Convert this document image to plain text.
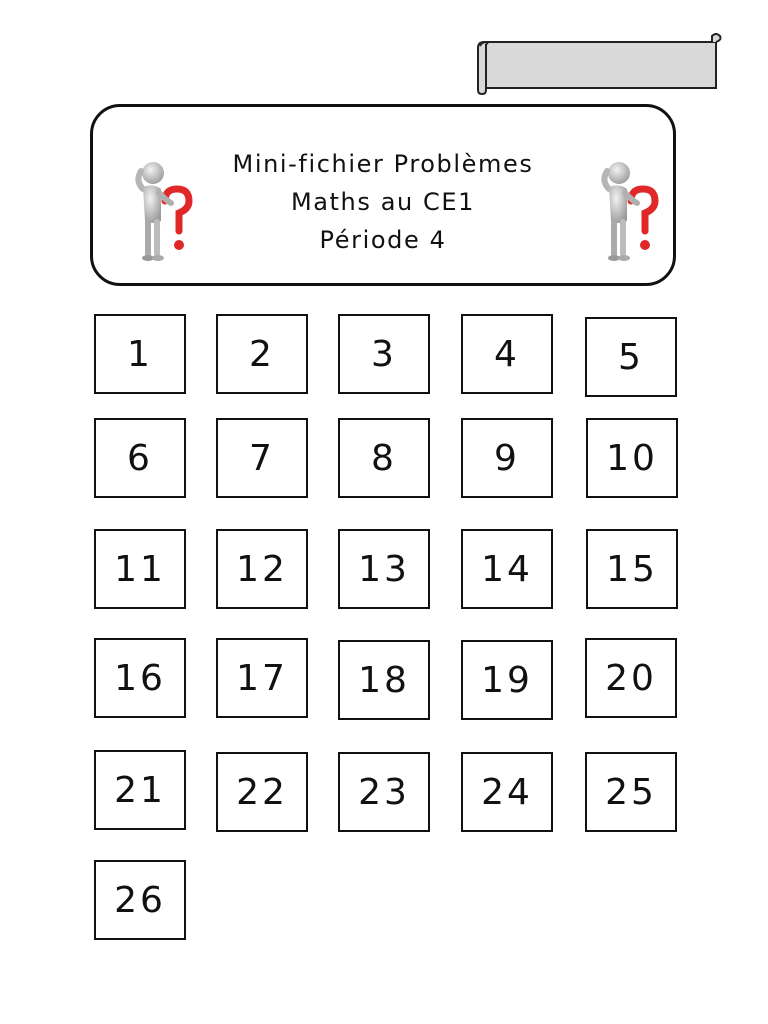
Mini-fichier Problèmes
Maths au CE1
Période 4
1	2	3	4	5
6	7	8	9	10
11	12	13	14	15
16	17	18	19	20
21	22	23	24	25
26
